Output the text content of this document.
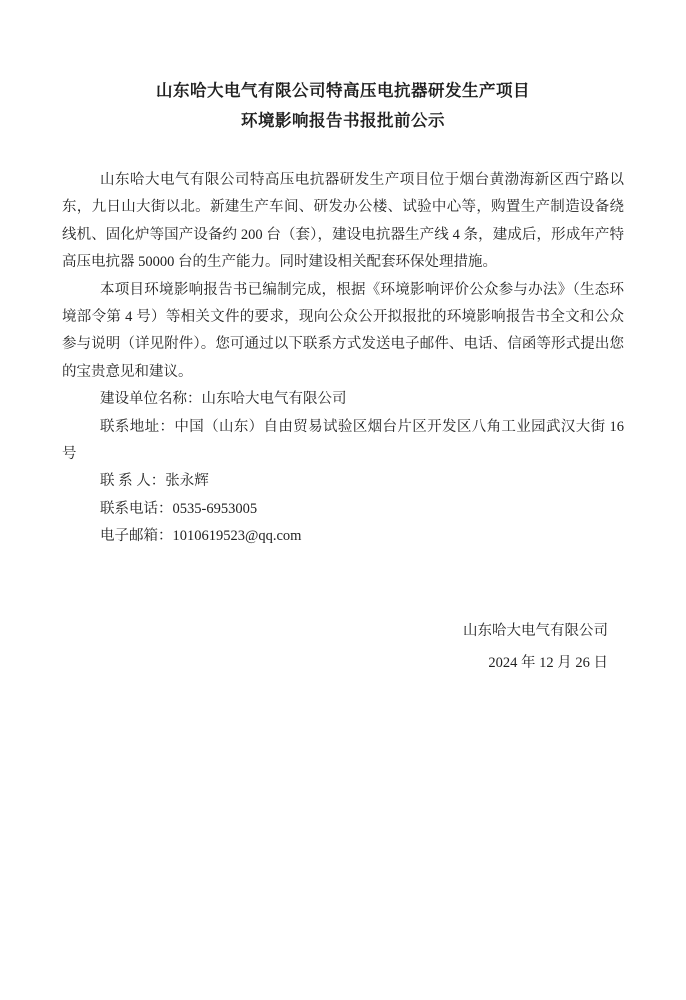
山东哈大电气有限公司特高压电抗器研发生产项目
环境影响报告书报批前公示

山东哈大电气有限公司特高压电抗器研发生产项目位于烟台黄渤海新区西宁路以东，九日山大街以北。新建生产车间、研发办公楼、试验中心等，购置生产制造设备绕线机、固化炉等国产设备约 200 台（套），建设电抗器生产线 4 条，建成后，形成年产特高压电抗器 50000 台的生产能力。同时建设相关配套环保处理措施。

本项目环境影响报告书已编制完成，根据《环境影响评价公众参与办法》（生态环境部令第 4 号）等相关文件的要求，现向公众公开拟报批的环境影响报告书全文和公众参与说明（详见附件）。您可通过以下联系方式发送电子邮件、电话、信函等形式提出您的宝贵意见和建议。

建设单位名称：山东哈大电气有限公司

联系地址：中国（山东）自由贸易试验区烟台片区开发区八角工业园武汉大街 16 号

联 系 人：张永辉

联系电话：0535-6953005

电子邮箱：1010619523@qq.com

山东哈大电气有限公司

2024 年 12 月 26 日
